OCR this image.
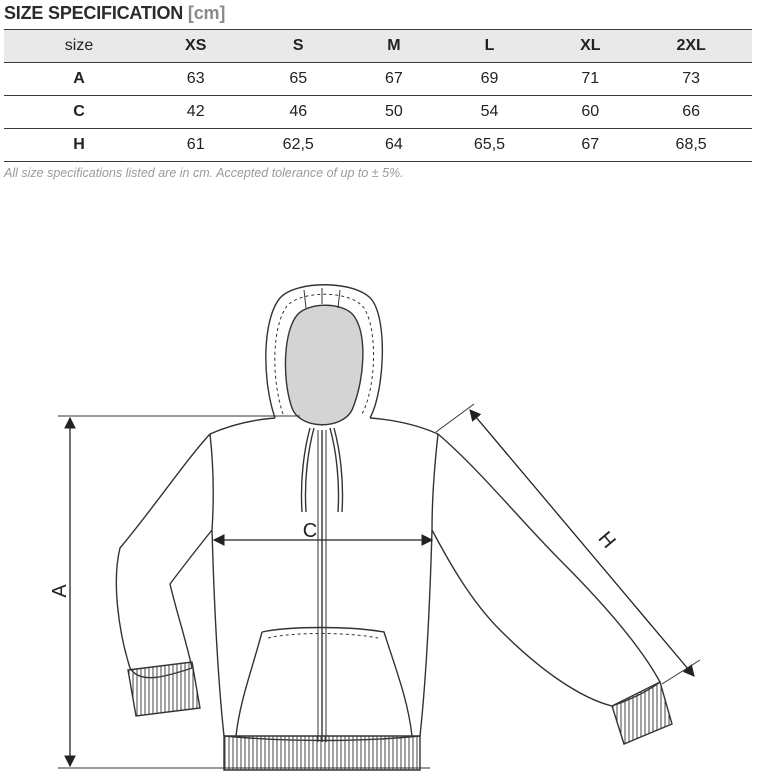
SIZE SPECIFICATION [cm]
size	XS	S	M	L	XL	2XL
A	63	65	67	69	71	73
C	42	46	50	54	60	66
H	61	62,5	64	65,5	67	68,5
All size specifications listed are in cm. Accepted tolerance of up to ± 5%.
A
C	H
